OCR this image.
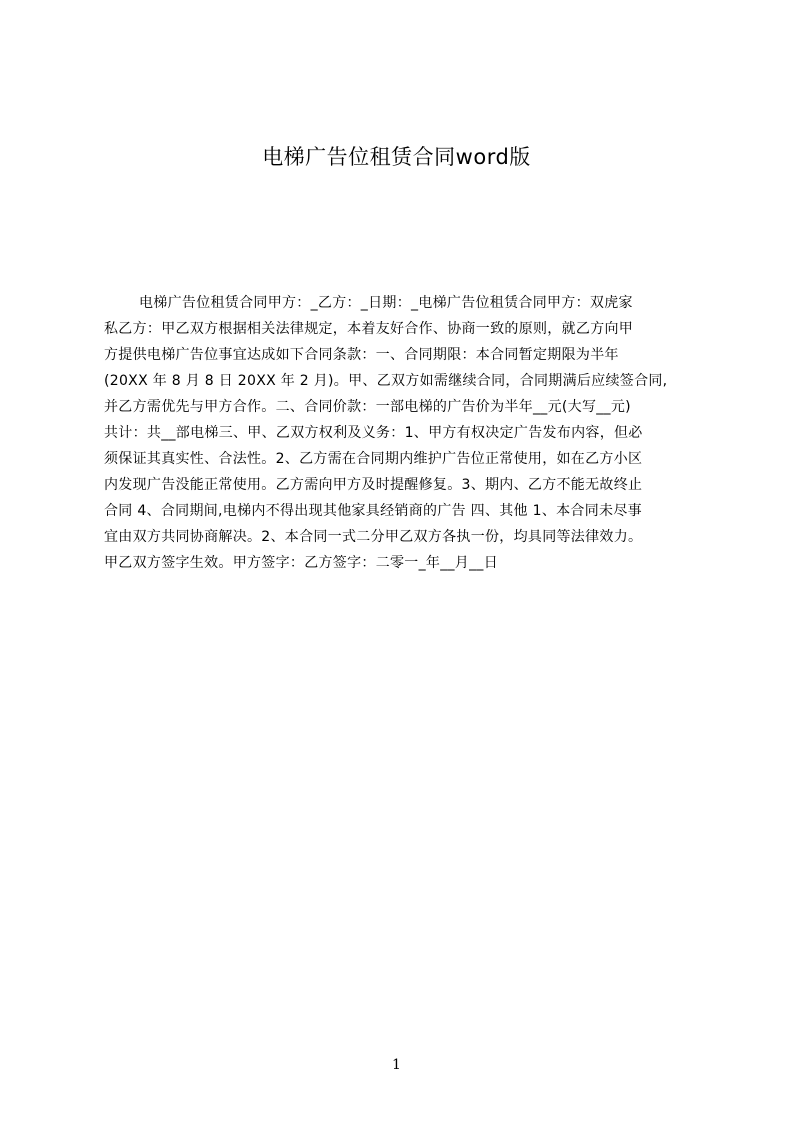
电梯广告位租赁合同word版
电梯广告位租赁合同甲方：_乙方：_日期：_电梯广告位租赁合同甲方：双虎家
私乙方：甲乙双方根据相关法律规定，本着友好合作、协商一致的原则，就乙方向甲
方提供电梯广告位事宜达成如下合同条款：一、合同期限：本合同暂定期限为半年
(20XX 年 8 月 8 日 20XX 年 2 月)。甲、乙双方如需继续合同，合同期满后应续签合同,
并乙方需优先与甲方合作。二、合同价款：一部电梯的广告价为半年__元(大写__元)
共计：共__部电梯三、甲、乙双方权利及义务：1、甲方有权决定广告发布内容，但必
须保证其真实性、合法性。2、乙方需在合同期内维护广告位正常使用，如在乙方小区
内发现广告没能正常使用。乙方需向甲方及时提醒修复。3、期内、乙方不能无故终止
合同 4、合同期间,电梯内不得出现其他家具经销商的广告 四、其他 1、本合同未尽事
宜由双方共同协商解决。2、本合同一式二分甲乙双方各执一份，均具同等法律效力。
甲乙双方签字生效。甲方签字：乙方签字：二零一_年__月__日
1
